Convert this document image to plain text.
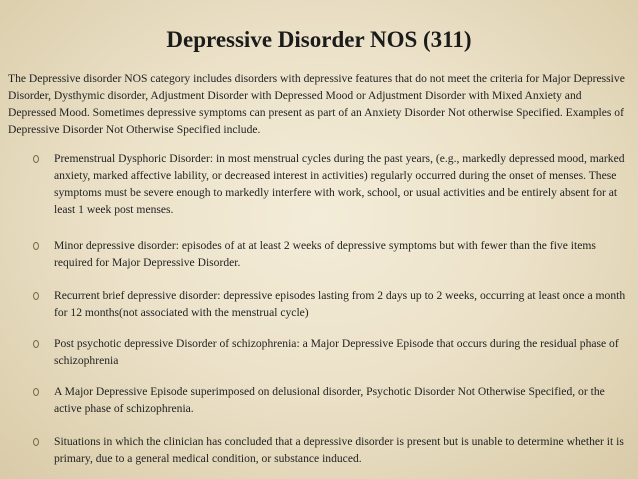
Depressive Disorder NOS (311)
The Depressive disorder NOS category includes disorders with depressive features that do not meet the criteria for Major Depressive Disorder, Dysthymic disorder, Adjustment Disorder with Depressed Mood or Adjustment Disorder with Mixed Anxiety and Depressed Mood. Sometimes depressive symptoms can present as part of an Anxiety Disorder Not otherwise Specified. Examples of Depressive Disorder Not Otherwise Specified include.
Premenstrual Dysphoric Disorder: in most menstrual cycles during the past years, (e.g., markedly depressed mood, marked anxiety, marked affective lability, or decreased interest in activities) regularly occurred during the onset of menses. These symptoms must be severe enough to markedly interfere with work, school, or usual activities and be entirely absent for at least 1 week post menses.
Minor depressive disorder: episodes of at at least 2 weeks of depressive symptoms but with fewer than the five items required for Major Depressive Disorder.
Recurrent brief depressive disorder: depressive episodes lasting from 2 days up to 2 weeks, occurring at least once a month for 12 months(not associated with the menstrual cycle)
Post psychotic depressive Disorder of schizophrenia: a Major Depressive Episode that occurs during the residual phase of schizophrenia
A Major Depressive Episode superimposed on delusional disorder, Psychotic Disorder Not Otherwise Specified, or the active phase of schizophrenia.
Situations in which the clinician has concluded that a depressive disorder is present but is unable to determine whether it is primary, due to a general medical condition, or substance induced.
